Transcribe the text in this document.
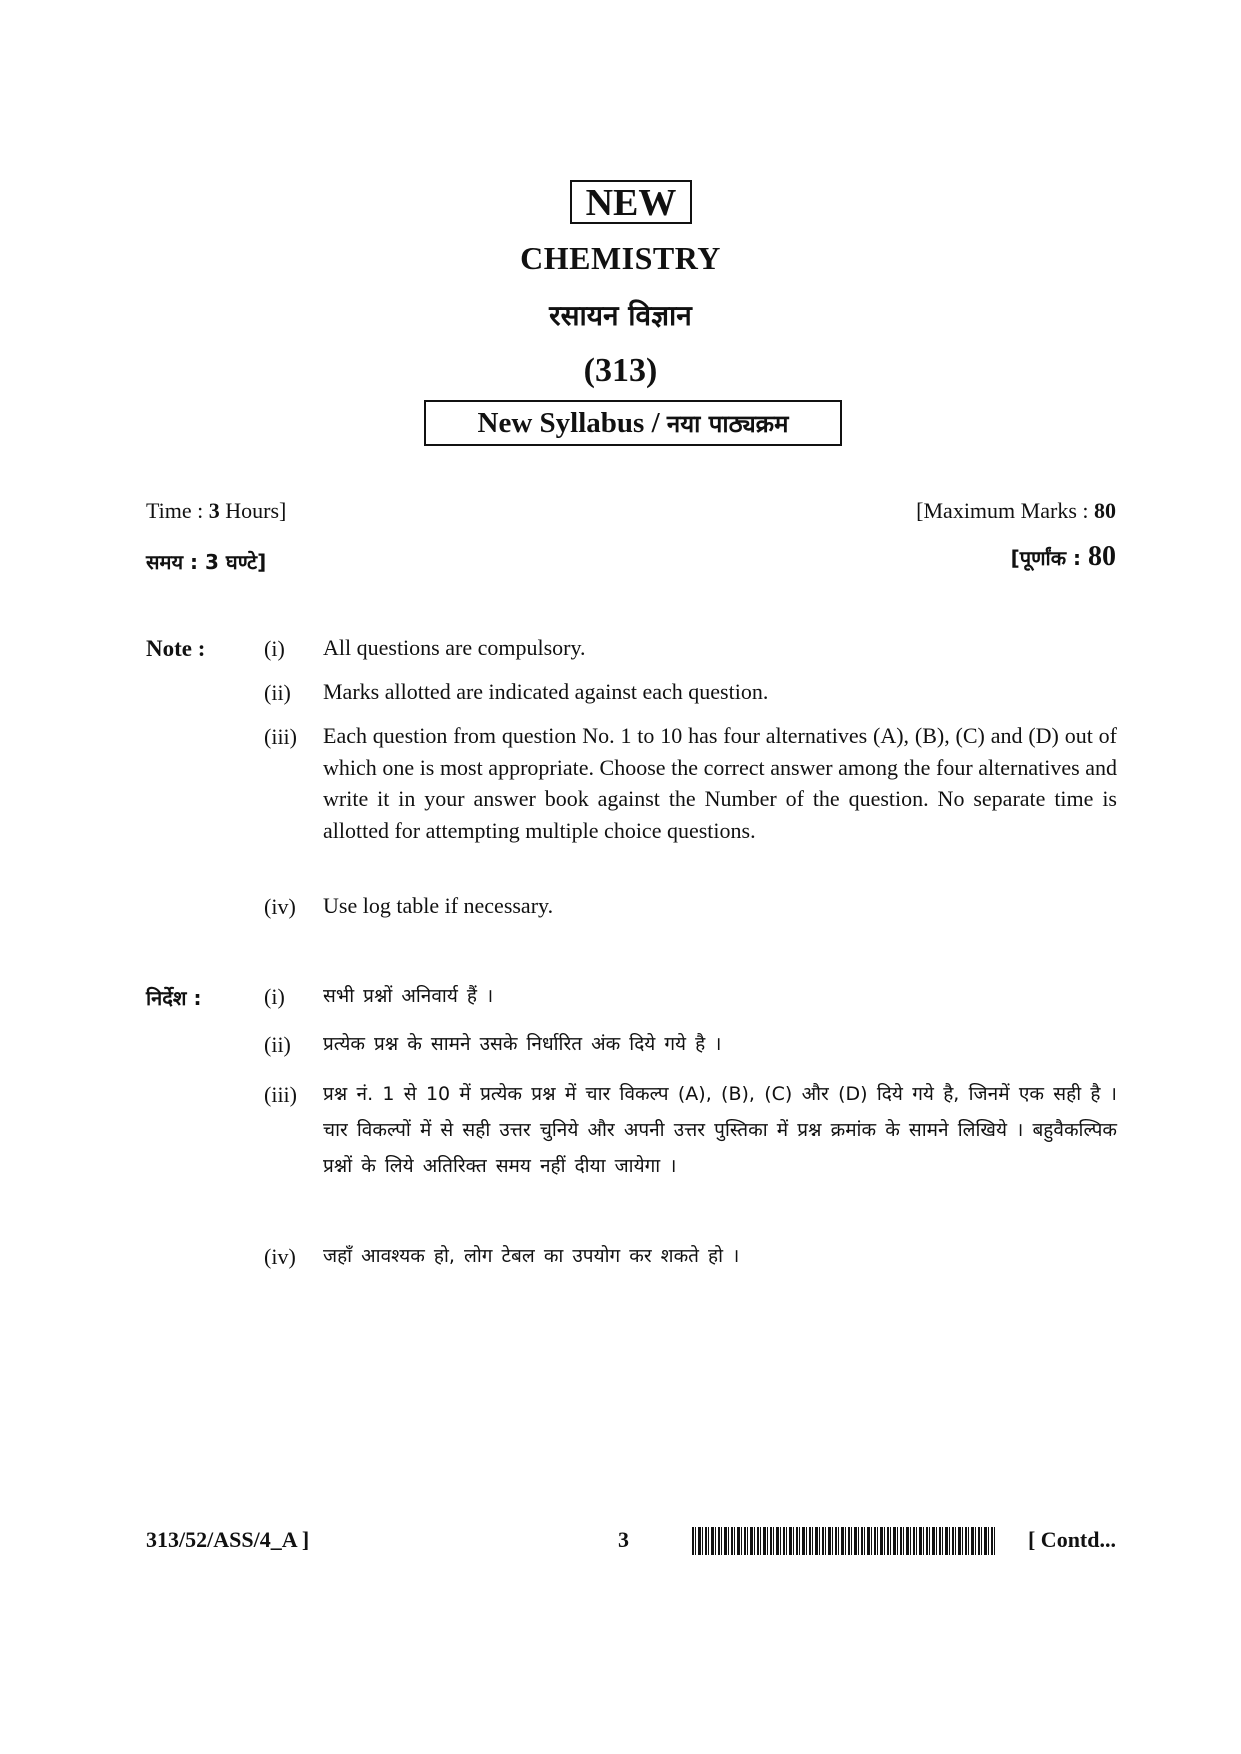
NEW
CHEMISTRY
रसायन विज्ञान
(313)
New Syllabus / नया पाठ्यक्रम
Time : 3 Hours]	[Maximum Marks : 80
समय : 3 घण्टे]	[पूर्णांक : 80
Note :	(i) All questions are compulsory.
(ii) Marks allotted are indicated against each question.
(iii) Each question from question No. 1 to 10 has four alternatives (A), (B), (C) and (D) out of which one is most appropriate. Choose the correct answer among the four alternatives and write it in your answer book against the Number of the question. No separate time is allotted for attempting multiple choice questions.
(iv) Use log table if necessary.
निर्देश :	(i) सभी प्रश्नों अनिवार्य हैं ।
(ii) प्रत्येक प्रश्न के सामने उसके निर्धारित अंक दिये गये है ।
(iii) प्रश्न नं. 1 से 10 में प्रत्येक प्रश्न में चार विकल्प (A), (B), (C) और (D) दिये गये है, जिनमें एक सही है । चार विकल्पों में से सही उत्तर चुनिये और अपनी उत्तर पुस्तिका में प्रश्न क्रमांक के सामने लिखिये । बहुवैकल्पिक प्रश्नों के लिये अतिरिक्त समय नहीं दीया जायेगा ।
(iv) जहाँ आवश्यक हो, लोग टेबल का उपयोग कर शकते हो ।
313/52/ASS/4_A ]	3	[ Contd...
